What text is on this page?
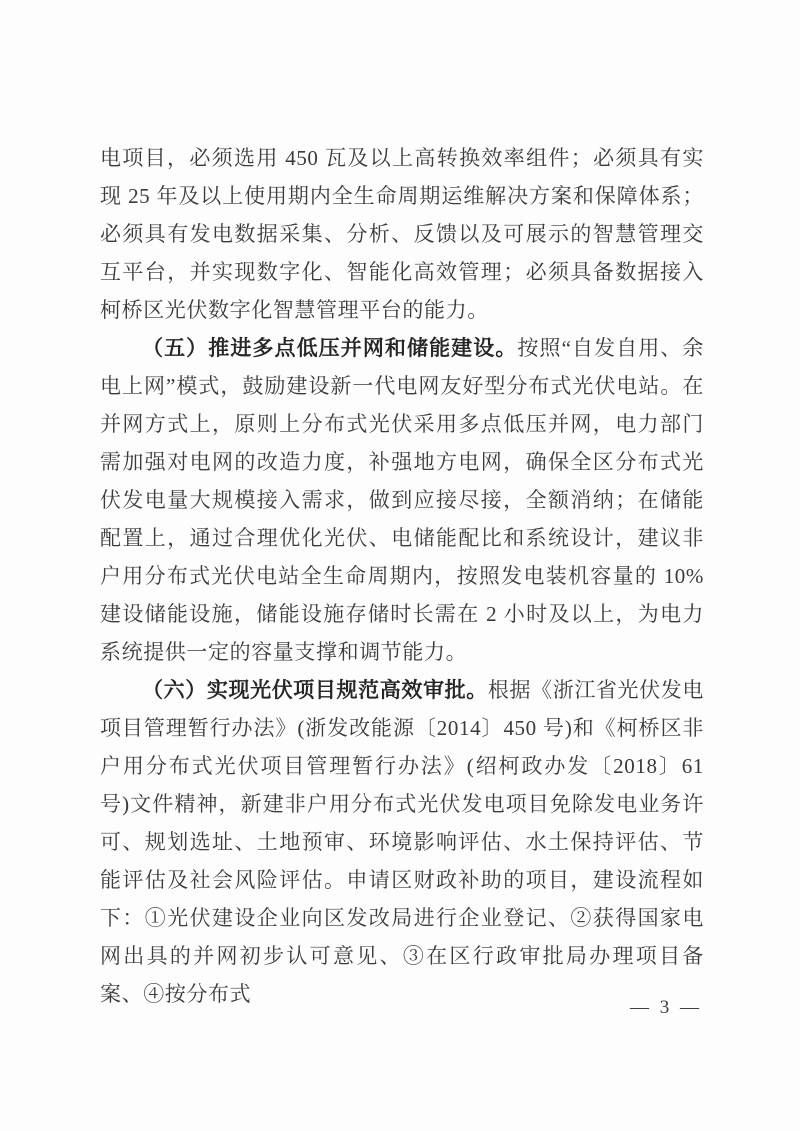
电项目，必须选用 450 瓦及以上高转换效率组件；必须具有实现 25 年及以上使用期内全生命周期运维解决方案和保障体系；必须具有发电数据采集、分析、反馈以及可展示的智慧管理交互平台，并实现数字化、智能化高效管理；必须具备数据接入柯桥区光伏数字化智慧管理平台的能力。

（五）推进多点低压并网和储能建设。按照“自发自用、余电上网”模式，鼓励建设新一代电网友好型分布式光伏电站。在并网方式上，原则上分布式光伏采用多点低压并网，电力部门需加强对电网的改造力度，补强地方电网，确保全区分布式光伏发电量大规模接入需求，做到应接尽接，全额消纳；在储能配置上，通过合理优化光伏、电储能配比和系统设计，建议非户用分布式光伏电站全生命周期内，按照发电装机容量的 10%建设储能设施，储能设施存储时长需在 2 小时及以上，为电力系统提供一定的容量支撑和调节能力。

（六）实现光伏项目规范高效审批。根据《浙江省光伏发电项目管理暂行办法》(浙发改能源〔2014〕450 号)和《柯桥区非户用分布式光伏项目管理暂行办法》(绍柯政办发〔2018〕61 号)文件精神，新建非户用分布式光伏发电项目免除发电业务许可、规划选址、土地预审、环境影响评估、水土保持评估、节能评估及社会风险评估。申请区财政补助的项目，建设流程如下：①光伏建设企业向区发改局进行企业登记、②获得国家电网出具的并网初步认可意见、③在区行政审批局办理项目备案、④按分布式

— 3 —
